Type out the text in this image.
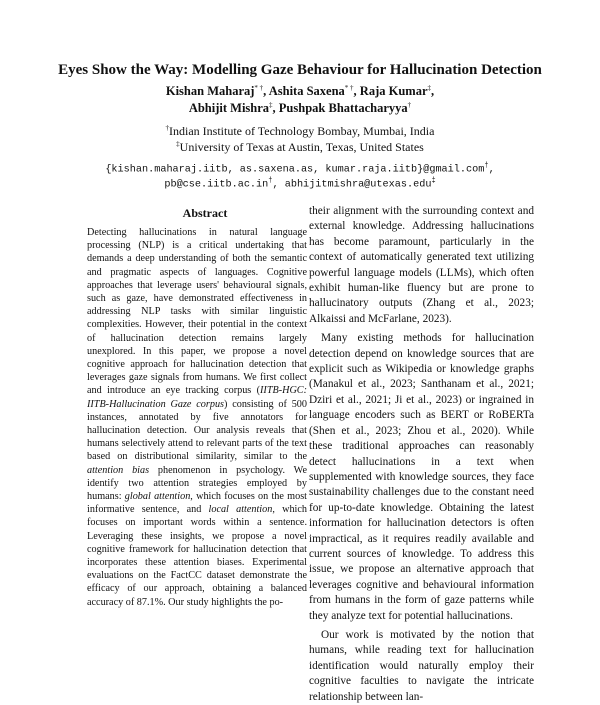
Eyes Show the Way: Modelling Gaze Behaviour for Hallucination Detection
Kishan Maharaj* †, Ashita Saxena* †, Raja Kumar‡,
Abhijit Mishra‡, Pushpak Bhattacharyya†
†Indian Institute of Technology Bombay, Mumbai, India
‡University of Texas at Austin, Texas, United States
{kishan.maharaj.iitb, as.saxena.as, kumar.raja.iitb}@gmail.com†,
pb@cse.iitb.ac.in†, abhijitmishra@utexas.edu‡
Abstract

Detecting hallucinations in natural language processing (NLP) is a critical undertaking that demands a deep understanding of both the semantic and pragmatic aspects of languages. Cognitive approaches that leverage users' behavioural signals, such as gaze, have demonstrated effectiveness in addressing NLP tasks with similar linguistic complexities. However, their potential in the context of hallucination detection remains largely unexplored. In this paper, we propose a novel cognitive approach for hallucination detection that leverages gaze signals from humans. We first collect and introduce an eye tracking corpus (IITB-HGC: IITB-Hallucination Gaze corpus) consisting of 500 instances, annotated by five annotators for hallucination detection. Our analysis reveals that humans selectively attend to relevant parts of the text based on distributional similarity, similar to the attention bias phenomenon in psychology. We identify two attention strategies employed by humans: global attention, which focuses on the most informative sentence, and local attention, which focuses on important words within a sentence. Leveraging these insights, we propose a novel cognitive framework for hallucination detection that incorporates these attention biases. Experimental evaluations on the FactCC dataset demonstrate the efficacy of our approach, obtaining a balanced accuracy of 87.1%. Our study highlights the po-

their alignment with the surrounding context and external knowledge. Addressing hallucinations has become paramount, particularly in the context of automatically generated text utilizing powerful language models (LLMs), which often exhibit human-like fluency but are prone to hallucinatory outputs (Zhang et al., 2023; Alkaissi and McFarlane, 2023).

Many existing methods for hallucination detection depend on knowledge sources that are explicit such as Wikipedia or knowledge graphs (Manakul et al., 2023; Santhanam et al., 2021; Dziri et al., 2021; Ji et al., 2023) or ingrained in language encoders such as BERT or RoBERTa (Shen et al., 2023; Zhou et al., 2020). While these traditional approaches can reasonably detect hallucinations in a text when supplemented with knowledge sources, they face sustainability challenges due to the constant need for up-to-date knowledge. Obtaining the latest information for hallucination detectors is often impractical, as it requires readily available and current sources of knowledge. To address this issue, we propose an alternative approach that leverages cognitive and behavioural information from humans in the form of gaze patterns while they analyze text for potential hallucinations.

Our work is motivated by the notion that humans, while reading text for hallucination identification would naturally employ their cognitive faculties to navigate the intricate relationship between lan-
